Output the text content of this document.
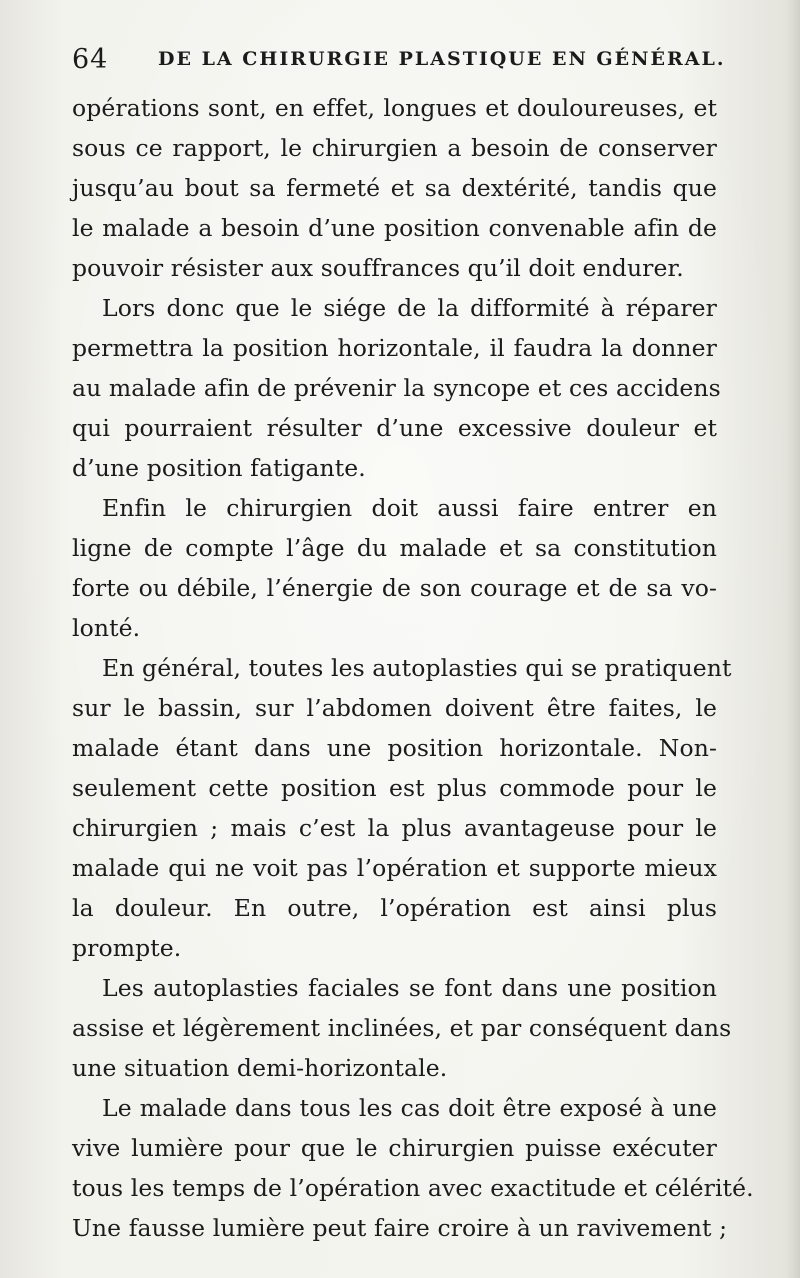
64	DE LA CHIRURGIE PLASTIQUE EN GÉNÉRAL.
opérations sont, en effet, longues et douloureuses, et
sous ce rapport, le chirurgien a besoin de conserver
jusqu’au bout sa fermeté et sa dextérité, tandis que
le malade a besoin d’une position convenable afin de
pouvoir résister aux souffrances qu’il doit endurer.
Lors donc que le siége de la difformité à réparer
permettra la position horizontale, il faudra la donner
au malade afin de prévenir la syncope et ces accidens
qui pourraient résulter d’une excessive douleur et
d’une position fatigante.
Enfin le chirurgien doit aussi faire entrer en
ligne de compte l’âge du malade et sa constitution
forte ou débile, l’énergie de son courage et de sa vo-
lonté.
En général, toutes les autoplasties qui se pratiquent
sur le bassin, sur l’abdomen doivent être faites, le
malade étant dans une position horizontale. Non-
seulement cette position est plus commode pour le
chirurgien ; mais c’est la plus avantageuse pour le
malade qui ne voit pas l’opération et supporte mieux
la douleur. En outre, l’opération est ainsi plus
prompte.
Les autoplasties faciales se font dans une position
assise et légèrement inclinées, et par conséquent dans
une situation demi-horizontale.
Le malade dans tous les cas doit être exposé à une
vive lumière pour que le chirurgien puisse exécuter
tous les temps de l’opération avec exactitude et célérité.
Une fausse lumière peut faire croire à un ravivement ;
